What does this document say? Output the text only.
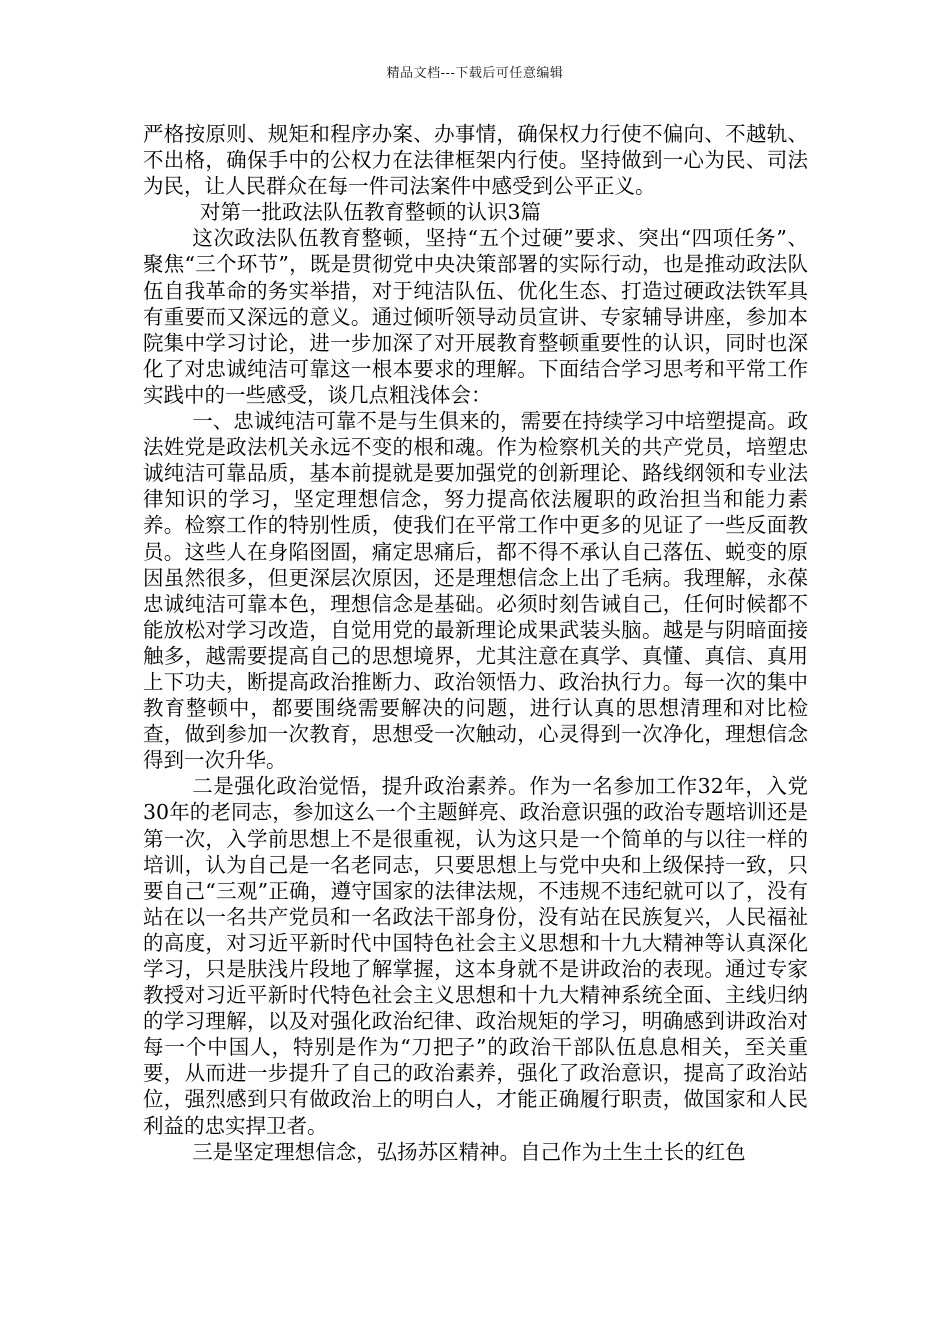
精品文档---下载后可任意编辑

严格按原则、规矩和程序办案、办事情，确保权力行使不偏向、不越轨、不出格，确保手中的公权力在法律框架内行使。坚持做到一心为民、司法为民，让人民群众在每一件司法案件中感受到公平正义。

对第一批政法队伍教育整顿的认识3篇

这次政法队伍教育整顿，坚持“五个过硬”要求、突出“四项任务”、聚焦“三个环节”，既是贯彻党中央决策部署的实际行动，也是推动政法队伍自我革命的务实举措，对于纯洁队伍、优化生态、打造过硬政法铁军具有重要而又深远的意义。通过倾听领导动员宣讲、专家辅导讲座，参加本院集中学习讨论，进一步加深了对开展教育整顿重要性的认识，同时也深化了对忠诚纯洁可靠这一根本要求的理解。下面结合学习思考和平常工作实践中的一些感受，谈几点粗浅体会：

一、忠诚纯洁可靠不是与生俱来的，需要在持续学习中培塑提高。政法姓党是政法机关永远不变的根和魂。作为检察机关的共产党员，培塑忠诚纯洁可靠品质，基本前提就是要加强党的创新理论、路线纲领和专业法律知识的学习，坚定理想信念，努力提高依法履职的政治担当和能力素养。检察工作的特别性质，使我们在平常工作中更多的见证了一些反面教员。这些人在身陷囹圄，痛定思痛后，都不得不承认自己落伍、蜕变的原因虽然很多，但更深层次原因，还是理想信念上出了毛病。我理解，永葆忠诚纯洁可靠本色，理想信念是基础。必须时刻告诫自己，任何时候都不能放松对学习改造，自觉用党的最新理论成果武装头脑。越是与阴暗面接触多，越需要提高自己的思想境界，尤其注意在真学、真懂、真信、真用上下功夫，断提高政治推断力、政治领悟力、政治执行力。每一次的集中教育整顿中，都要围绕需要解决的问题，进行认真的思想清理和对比检查，做到参加一次教育，思想受一次触动，心灵得到一次净化，理想信念得到一次升华。

二是强化政治觉悟，提升政治素养。作为一名参加工作32年，入党30年的老同志，参加这么一个主题鲜亮、政治意识强的政治专题培训还是第一次，入学前思想上不是很重视，认为这只是一个简单的与以往一样的培训，认为自己是一名老同志，只要思想上与党中央和上级保持一致，只要自己“三观”正确，遵守国家的法律法规，不违规不违纪就可以了，没有站在以一名共产党员和一名政法干部身份，没有站在民族复兴，人民福祉的高度，对习近平新时代中国特色社会主义思想和十九大精神等认真深化学习，只是肤浅片段地了解掌握，这本身就不是讲政治的表现。通过专家教授对习近平新时代特色社会主义思想和十九大精神系统全面、主线归纳的学习理解，以及对强化政治纪律、政治规矩的学习，明确感到讲政治对每一个中国人，特别是作为“刀把子”的政治干部队伍息息相关，至关重要，从而进一步提升了自己的政治素养，强化了政治意识，提高了政治站位，强烈感到只有做政治上的明白人，才能正确履行职责，做国家和人民利益的忠实捍卫者。

三是坚定理想信念，弘扬苏区精神。自己作为土生土长的红色
